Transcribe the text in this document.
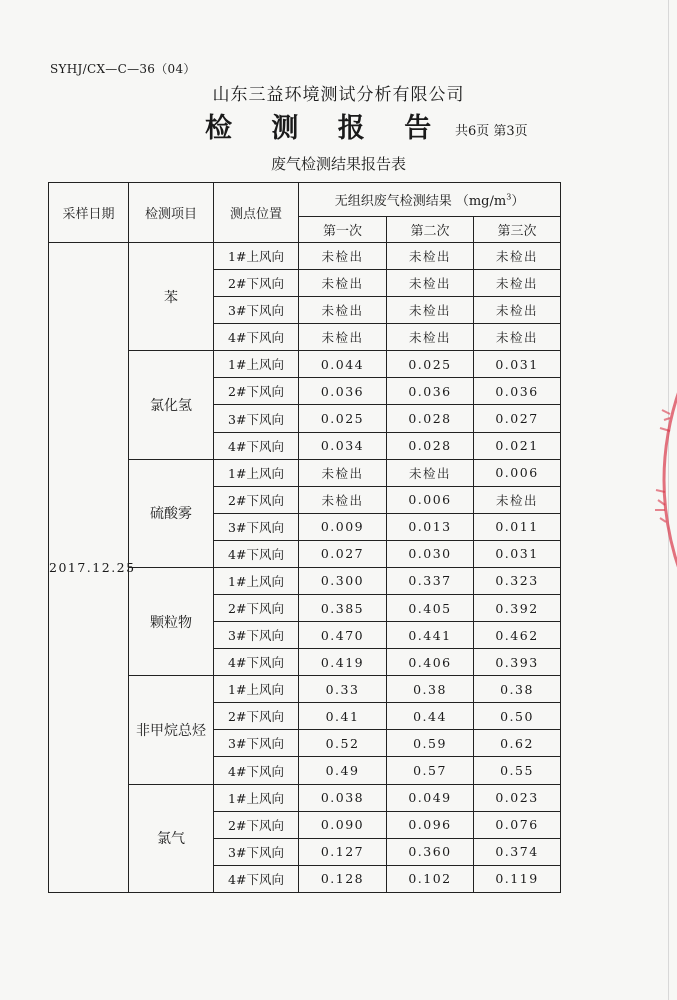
SYHJ/CX—C—36（04）
山东三益环境测试分析有限公司
检 测 报 告 共6页 第3页
废气检测结果报告表
采样日期	检测项目	测点位置	无组织废气检测结果 $(mg/m^3)$		
			第一次	第二次	第三次
2017.12.25	苯	1#上风向	未检出	未检出	未检出
		2#下风向	未检出	未检出	未检出
		3#下风向	未检出	未检出	未检出
		4#下风向	未检出	未检出	未检出
	氯化氢	1#上风向	0.044	0.025	0.031
		2#下风向	0.036	0.036	0.036
		3#下风向	0.025	0.028	0.027
		4#下风向	0.034	0.028	0.021
	硫酸雾	1#上风向	未检出	未检出	0.006
		2#下风向	未检出	0.006	未检出
		3#下风向	0.009	0.013	0.011
		4#下风向	0.027	0.030	0.031
	颗粒物	1#上风向	0.300	0.337	0.323
		2#下风向	0.385	0.405	0.392
		3#下风向	0.470	0.441	0.462
		4#下风向	0.419	0.406	0.393
	非甲烷总烃	1#上风向	0.33	0.38	0.38
		2#下风向	0.41	0.44	0.50
		3#下风向	0.52	0.59	0.62
		4#下风向	0.49	0.57	0.55
	氯气	1#上风向	0.038	0.049	0.023
		2#下风向	0.090	0.096	0.076
		3#下风向	0.127	0.360	0.374
		4#下风向	0.128	0.102	0.119
